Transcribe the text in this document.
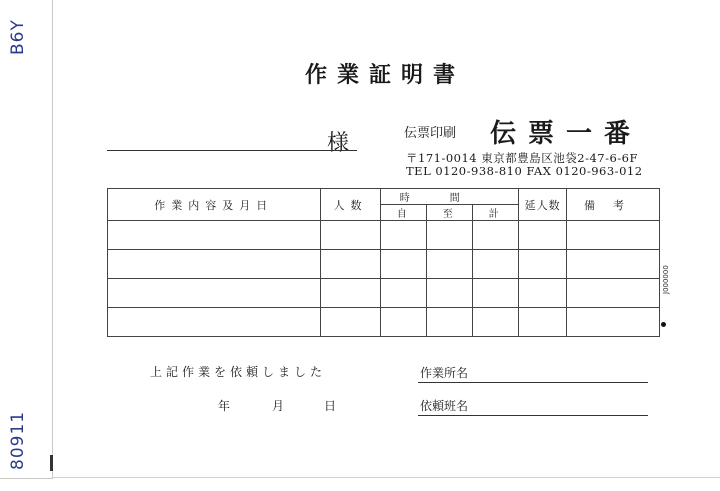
B6Y
80911
作業証明書
様	伝票印刷 伝票一番
〒171-0014 東京都豊島区池袋2-47-6-6F
TEL 0120-938-810 FAX 0120-963-012
作業内容及月日	人数	時間			延人数	備考
		自	至	計		

J000000
上記作業を依頼しました
年	月	日
作業所名
依頼班名
